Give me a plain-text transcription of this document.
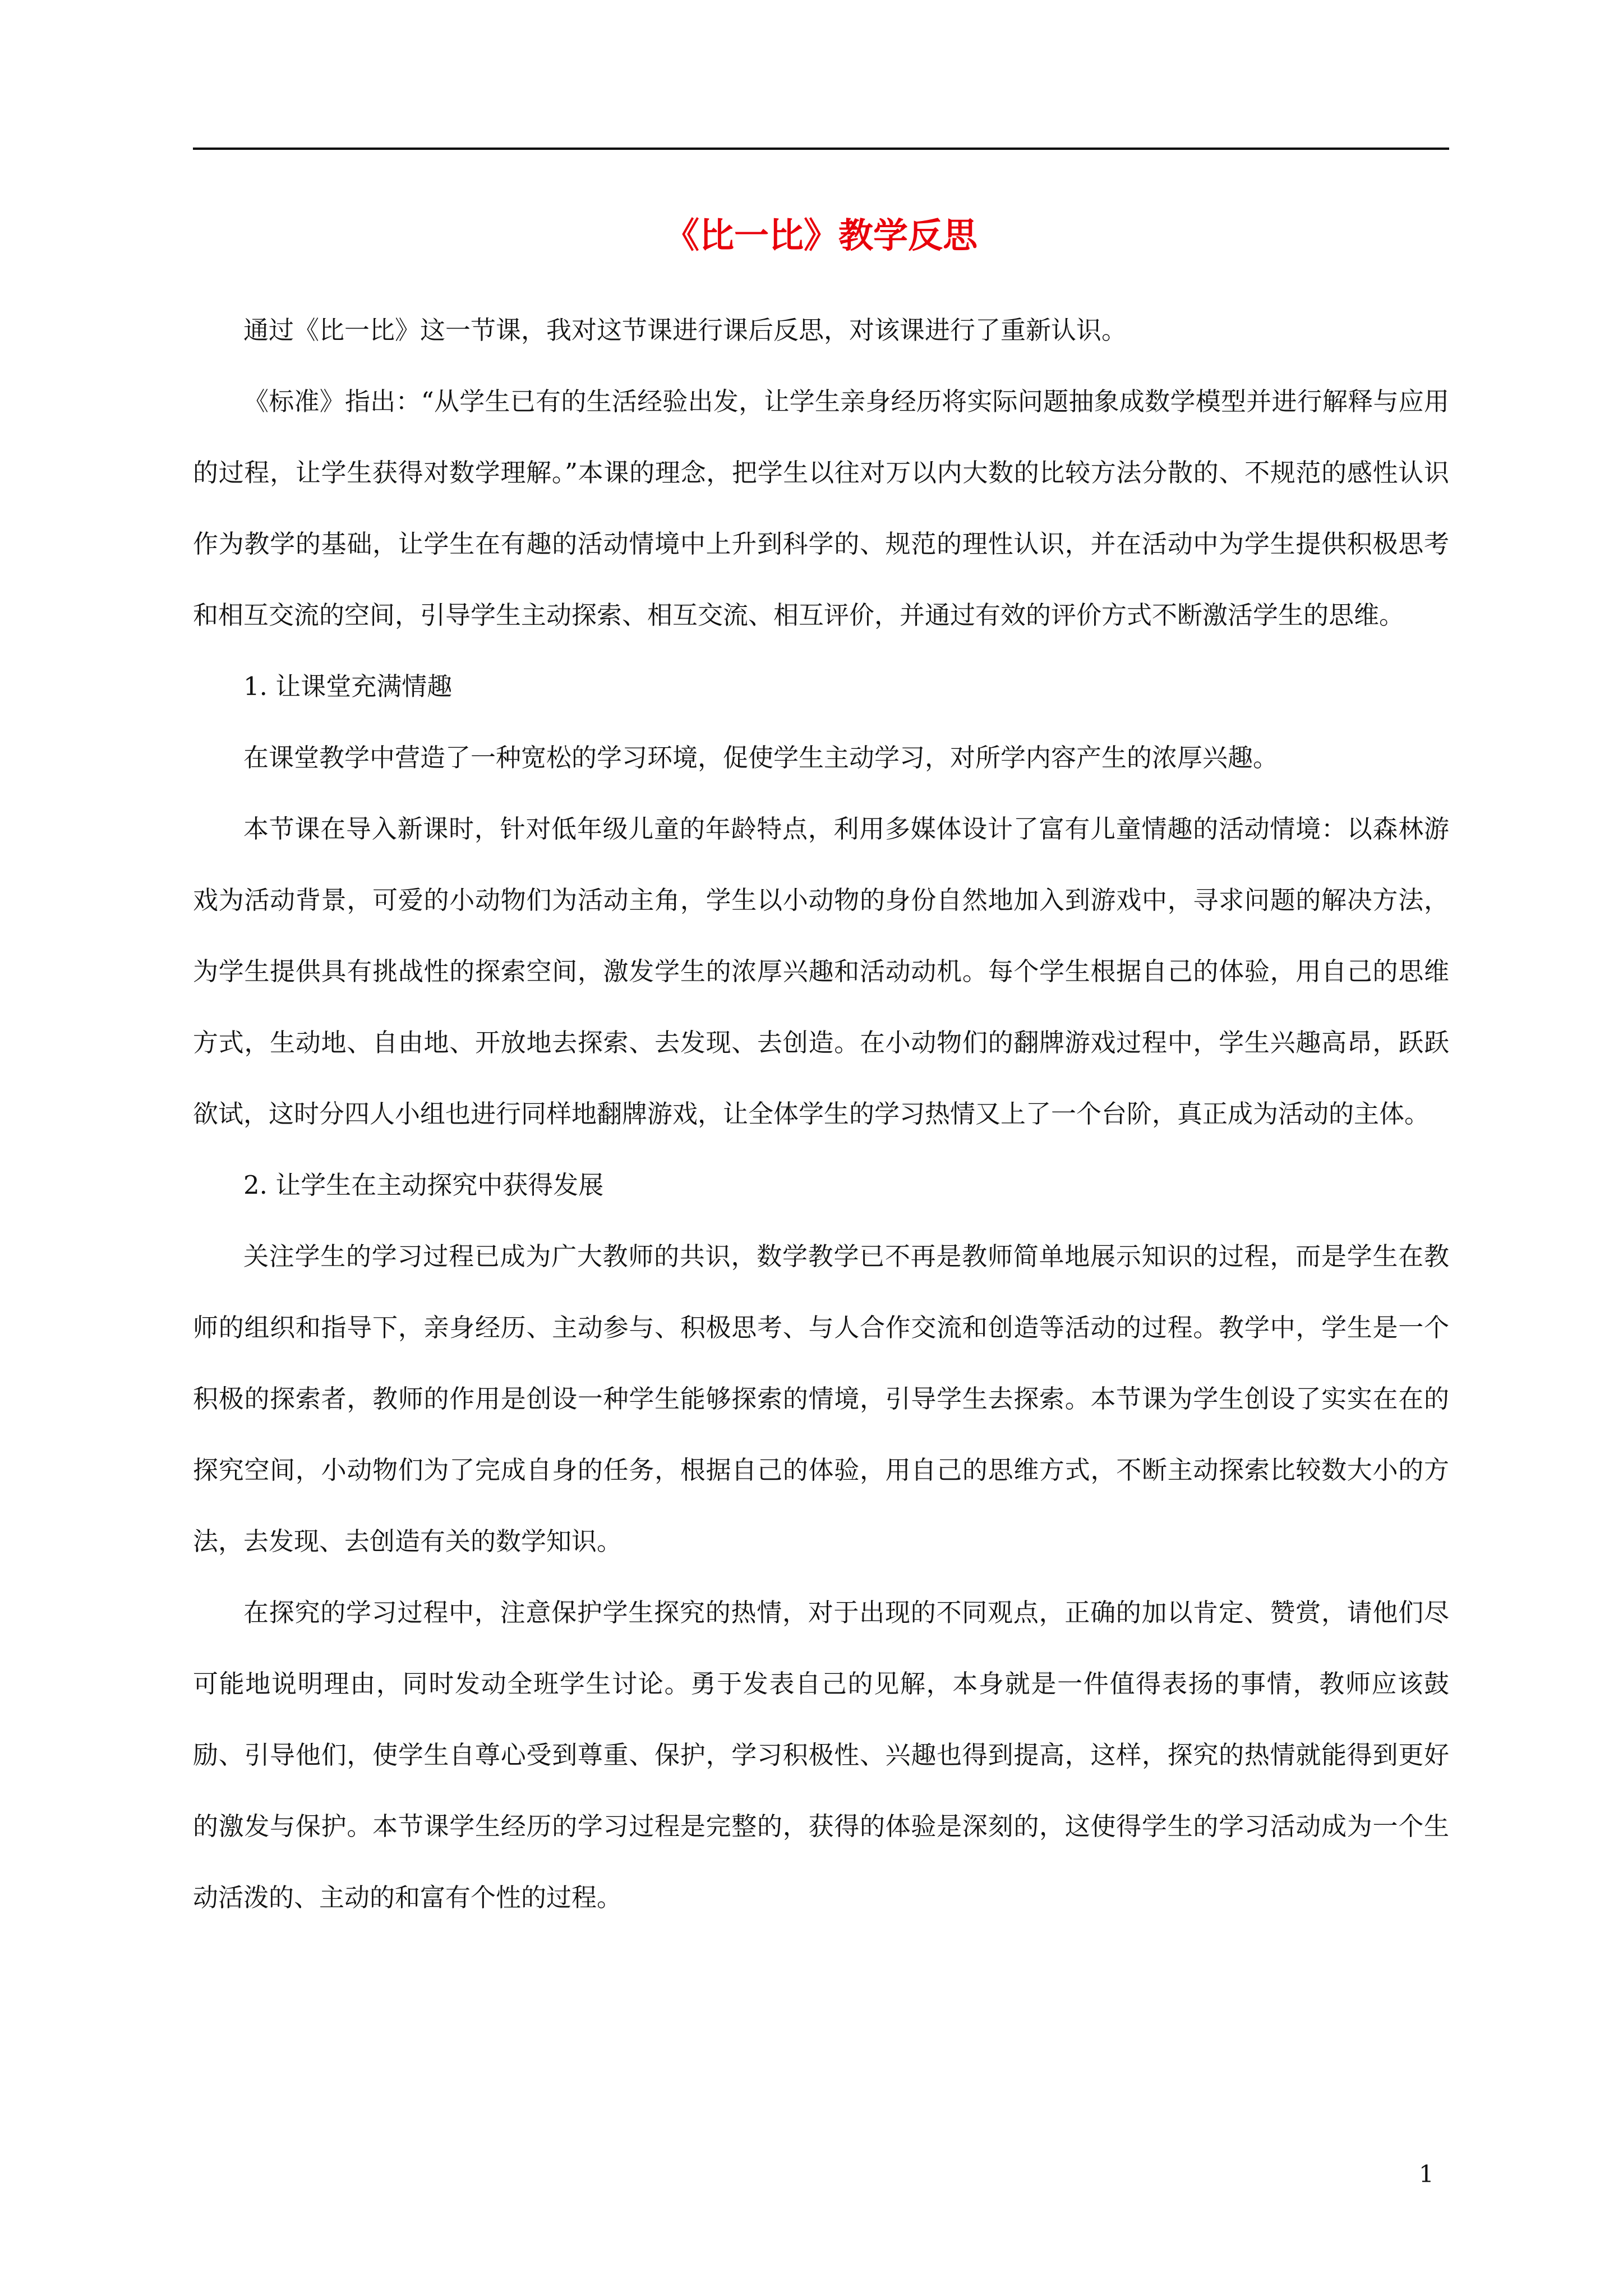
《比一比》教学反思

通过《比一比》这一节课，我对这节课进行课后反思，对该课进行了重新认识。

《标准》指出：“从学生已有的生活经验出发，让学生亲身经历将实际问题抽象成数学模型并进行解释与应用的过程，让学生获得对数学理解。”本课的理念，把学生以往对万以内大数的比较方法分散的、不规范的感性认识作为教学的基础，让学生在有趣的活动情境中上升到科学的、规范的理性认识，并在活动中为学生提供积极思考和相互交流的空间，引导学生主动探索、相互交流、相互评价，并通过有效的评价方式不断激活学生的思维。

1. 让课堂充满情趣

在课堂教学中营造了一种宽松的学习环境，促使学生主动学习，对所学内容产生的浓厚兴趣。

本节课在导入新课时，针对低年级儿童的年龄特点，利用多媒体设计了富有儿童情趣的活动情境：以森林游戏为活动背景，可爱的小动物们为活动主角，学生以小动物的身份自然地加入到游戏中，寻求问题的解决方法，为学生提供具有挑战性的探索空间，激发学生的浓厚兴趣和活动动机。每个学生根据自己的体验，用自己的思维方式，生动地、自由地、开放地去探索、去发现、去创造。在小动物们的翻牌游戏过程中，学生兴趣高昂，跃跃欲试，这时分四人小组也进行同样地翻牌游戏，让全体学生的学习热情又上了一个台阶，真正成为活动的主体。

2. 让学生在主动探究中获得发展

关注学生的学习过程已成为广大教师的共识，数学教学已不再是教师简单地展示知识的过程，而是学生在教师的组织和指导下，亲身经历、主动参与、积极思考、与人合作交流和创造等活动的过程。教学中，学生是一个积极的探索者，教师的作用是创设一种学生能够探索的情境，引导学生去探索。本节课为学生创设了实实在在的探究空间，小动物们为了完成自身的任务，根据自己的体验，用自己的思维方式，不断主动探索比较数大小的方法，去发现、去创造有关的数学知识。

在探究的学习过程中，注意保护学生探究的热情，对于出现的不同观点，正确的加以肯定、赞赏，请他们尽可能地说明理由，同时发动全班学生讨论。勇于发表自己的见解，本身就是一件值得表扬的事情，教师应该鼓励、引导他们，使学生自尊心受到尊重、保护，学习积极性、兴趣也得到提高，这样，探究的热情就能得到更好的激发与保护。本节课学生经历的学习过程是完整的，获得的体验是深刻的，这使得学生的学习活动成为一个生动活泼的、主动的和富有个性的过程。

1
